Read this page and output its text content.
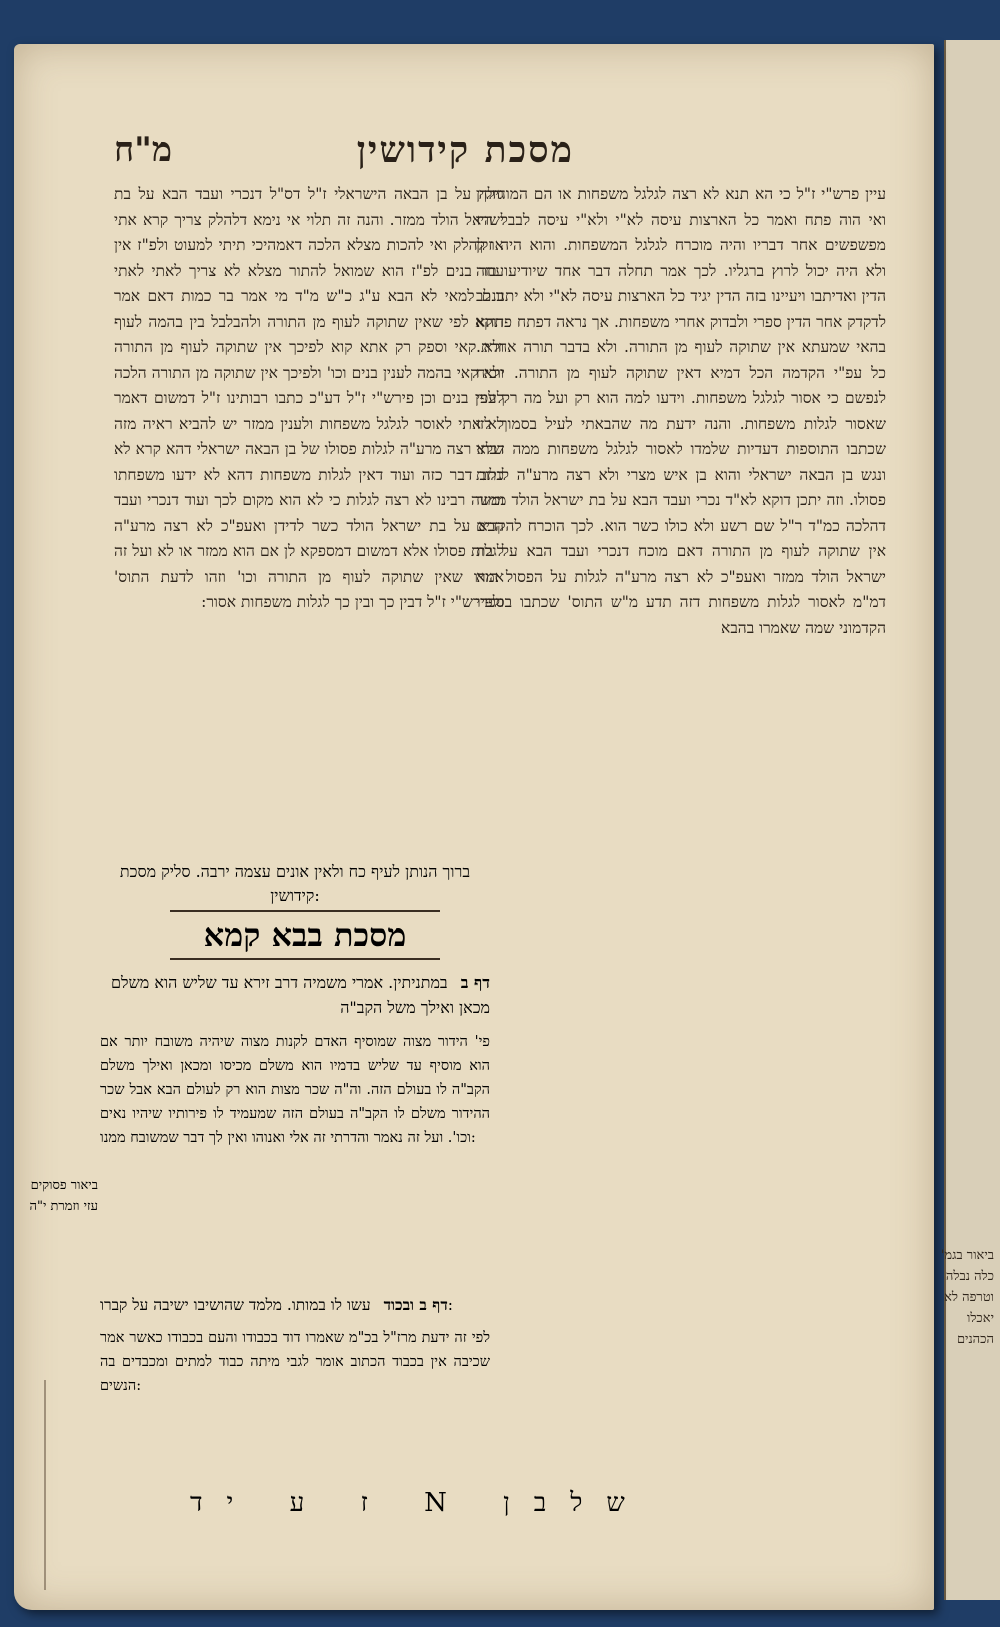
מסכת קידושין
מ"ח
עיין פרש"י ז"ל כי הא תנא לא רצה לגלגל משפחות או הם המוחזקין ואי הוה פתח ואמר כל הארצות עיסה לא"י ולא"י עיסה לבבל היו מפשפשים אחר דבריו והיה מוכרח לגלגל המשפחות. והוא היה זקן ולא היה יכול לרוץ ברגליו. לכך אמר תחלה דבר אחד שיודיעו בזה הדין ואדיתבו ויעיינו בזה הדין יגיד כל הארצות עיסה לא"י ולא יתנו לב לדקדק אחר הדין ספרי ולבדוק אחרי משפחות. אך נראה דפתח פתחא בהאי שמעתא אין שתוקה לעוף מן התורה. ולא בדבר תורה אחרת. כל עפ"י הקדמה הכל דמיא דאין שתוקה לעוף מן התורה. יוכיח לנפשם כי אסור לגלגל משפחות. וידעו למה הוא רק ועל מה רק לפי שאסור לגלות משפחות. והנה ידעת מה שהבאתי לעיל בסמוך לזו שכתבו התוספות דעדיות שלמדו לאסור לגלגל משפחות ממה דכתי ונגש בן הבאה ישראלי והוא בן איש מצרי ולא רצה מרע"ה לגלות פסולו. וזה יתכן דוקא לא"ד נכרי ועבד הבא על בת ישראל הולד ממזר דהלכה כמ"ד ר"ל שם רשע ולא כולו כשר הוא. לכך הוכרח להקדים אין שתוקה לעוף מן התורה דאם מוכח דנכרי ועבד הבא על בת ישראל הולד ממזר ואעפ"כ לא רצה מרע"ה לגלות על הפסול הוא דמ"מ לאסור לגלות משפחות דזה תדע מ"ש התוס' שכתבו בספרי הקדמוני שמה שאמרו בהבא
גילה על בן הבאה הישראלי ז"ל דס"ל דנכרי ועבד הבא על בת ישראל הולד ממזר. והנה זה תלוי אי נימא דלהלק צריך קרא אתי או להלק ואי להכות מצלא הלכה דאמהיכי תיתי למעוט ולפ"ז אין עוזר בנים לפ"ז הוא שמואל להתור מצלא לא צריך לאתי לאתי בנם למאי לא הבא ע"ג כ"ש מ"ד מי אמר בר כמות דאם אמר דוקא לפי שאין שתוקה לעוף מן התורה ולהבלבל בין בהמה לעוף ולא קאי וספק רק אתא קוא לפיכך אין שתוקה לעוף מן התורה ולא קאי בהמה לענין בנים וכו' ולפיכך אין שתוקה מן התורה הלכה לענין בנים וכן פירש"י ז"ל דע"כ כתבו רבותינו ז"ל דמשום דאמר לא אתי לאוסר לגלגל משפחות ולענין ממזר יש להביא ראיה מזה שלא רצה מרע"ה לגלות פסולו של בן הבאה ישראלי דהא קרא לא כתב דבר כזה ועוד דאין לגלות משפחות דהא לא ידעו משפחתו ומשה רבינו לא רצה לגלות כי לא הוא מקום לכך ועוד דנכרי ועבד הבא על בת ישראל הולד כשר לדידן ואעפ"כ לא רצה מרע"ה לגלות פסולו אלא דמשום דמספקא לן אם הוא ממזר או לא ועל זה אמרו שאין שתוקה לעוף מן התורה וכו' וזהו לדעת התוס' ולפירש"י ז"ל דבין כך ובין כך לגלות משפחות אסור:
ברוך הנותן לעיף כח ולאין אונים עצמה ירבה. סליק מסכת קידושין:
מסכת בבא קמא
דף ב במתניתין. אמרי משמיה דרב זירא עד שליש הוא משלם מכאן ואילך משל הקב"ה
פי' הידור מצוה שמוסיף האדם לקנות מצוה שיהיה משובח יותר אם הוא מוסיף עד שליש בדמיו הוא משלם מכיסו ומכאן ואילך משלם הקב"ה לו בעולם הזה. וה"ה שכר מצות הוא רק לעולם הבא אבל שכר ההידור משלם לו הקב"ה בעולם הזה שמעמיד לו פירותיו שיהיו נאים וכו'. ועל זה נאמר והדרתי זה אלי ואנוהו ואין לך דבר שמשובח ממנו:
דף ב ובכוד עשו לו במותו. מלמד שהושיבו ישיבה על קברו:
לפי זה ידעת מרז"ל בכ"מ שאמרו דוד בכבודו והעם בכבודו כאשר אמר שכיבה אין בכבוד הכתוב אומר לגבי מיתה כבוד למתים ומכבדים בה הנשים:
ביאור פסוקים עזי וזמרת י"ה
ביאור בגמ' כלה נבלה וטרפה לא יאכלו הכהנים
שלבן N ז ע יד
